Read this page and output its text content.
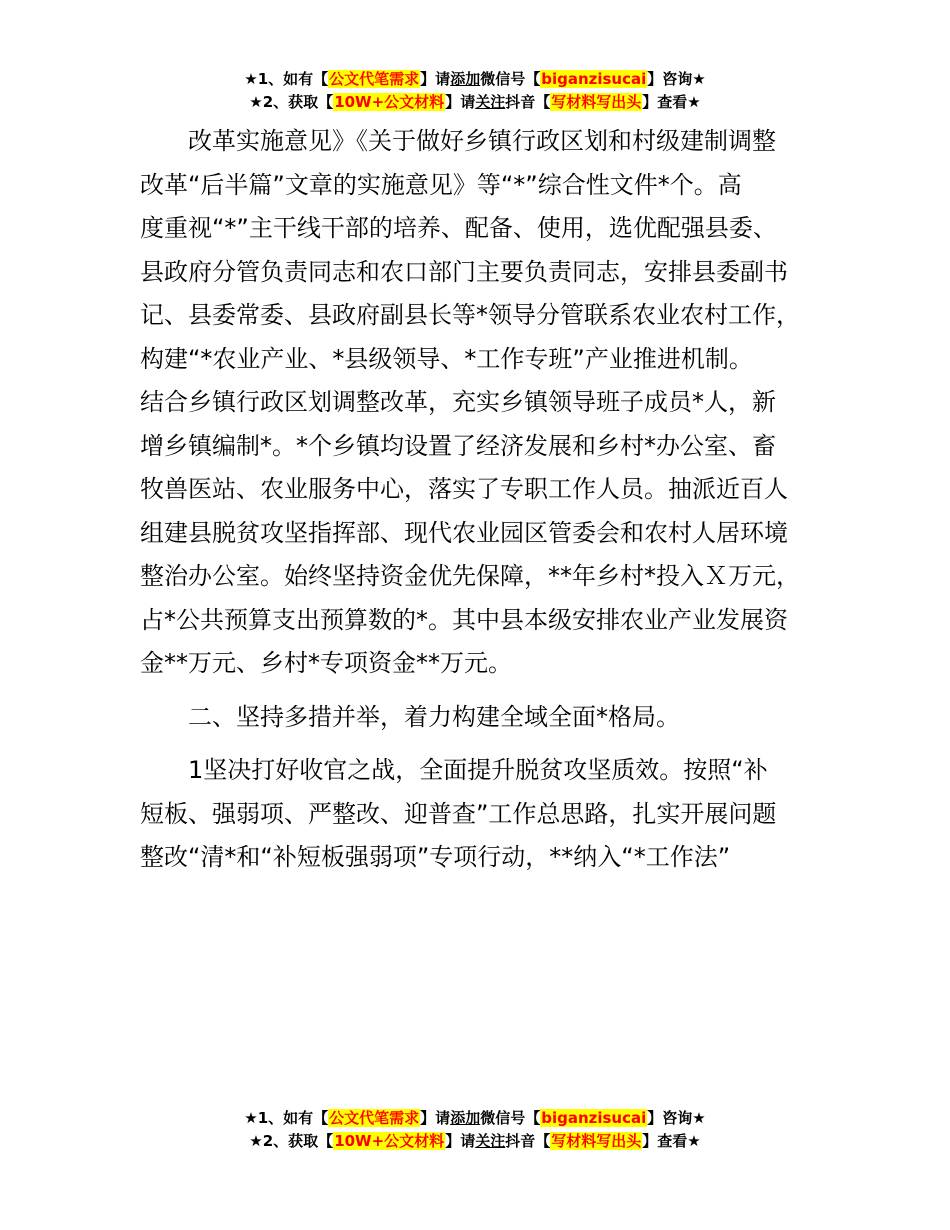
★1、如有【公文代笔需求】请添加微信号【biganzisucai】咨询★
★2、获取【10W+公文材料】请关注抖音【写材料写出头】查看★

改革实施意见》《关于做好乡镇行政区划和村级建制调整
改革“后半篇”文章的实施意见》等“*”综合性文件*个。高
度重视“*”主干线干部的培养、配备、使用，选优配强县委、
县政府分管负责同志和农口部门主要负责同志，安排县委副书
记、县委常委、县政府副县长等*领导分管联系农业农村工作，
构建“*农业产业、*县级领导、*工作专班”产业推进机制。
结合乡镇行政区划调整改革，充实乡镇领导班子成员*人，新
增乡镇编制*。*个乡镇均设置了经济发展和乡村*办公室、畜
牧兽医站、农业服务中心，落实了专职工作人员。抽派近百人
组建县脱贫攻坚指挥部、现代农业园区管委会和农村人居环境
整治办公室。始终坚持资金优先保障，**年乡村*投入Ｘ万元，
占*公共预算支出预算数的*。其中县本级安排农业产业发展资
金**万元、乡村*专项资金**万元。

二、坚持多措并举，着力构建全域全面*格局。

1坚决打好收官之战，全面提升脱贫攻坚质效。按照“补
短板、强弱项、严整改、迎普查”工作总思路，扎实开展问题
整改“清*和“补短板强弱项”专项行动，**纳入“*工作法”

★1、如有【公文代笔需求】请添加微信号【biganzisucai】咨询★
★2、获取【10W+公文材料】请关注抖音【写材料写出头】查看★
